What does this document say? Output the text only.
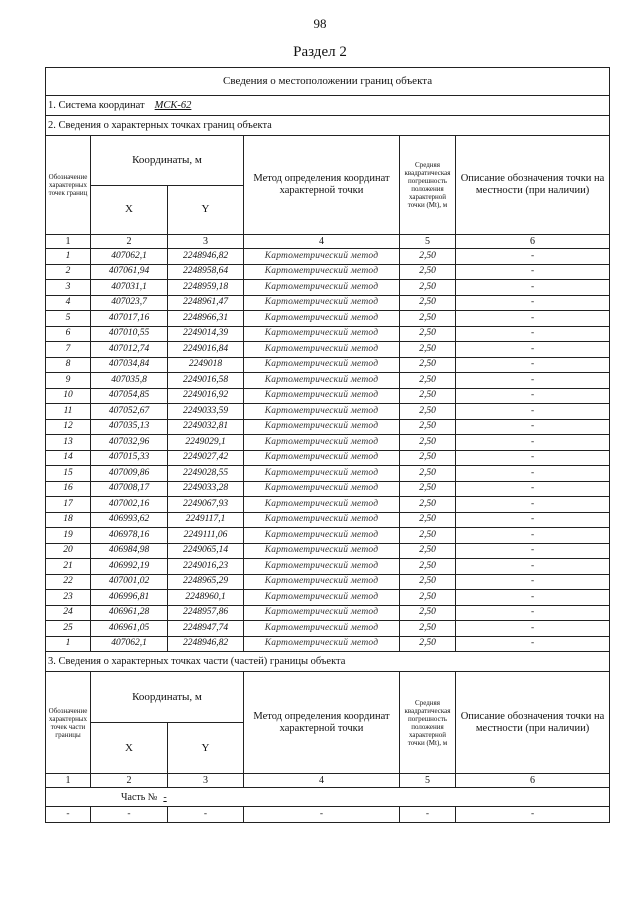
98
Раздел 2
Сведения о местоположении границ объекта					
1. Система координат МСК-62					
2. Сведения о характерных точках границ объекта					
Обозначение характерных точек границ	Координаты, м		Метод определения координат характерной точки	Средняя квадратическая погрешность положения характерной точки (Mt), м	Описание обозначения точки на местности (при наличии)
	X	Y			
1	2	3	4	5	6
1	407062,1	2248946,82	Картометрический метод	2,50	-
2	407061,94	2248958,64	Картометрический метод	2,50	-
3	407031,1	2248959,18	Картометрический метод	2,50	-
4	407023,7	2248961,47	Картометрический метод	2,50	-
5	407017,16	2248966,31	Картометрический метод	2,50	-
6	407010,55	2249014,39	Картометрический метод	2,50	-
7	407012,74	2249016,84	Картометрический метод	2,50	-
8	407034,84	2249018	Картометрический метод	2,50	-
9	407035,8	2249016,58	Картометрический метод	2,50	-
10	407054,85	2249016,92	Картометрический метод	2,50	-
11	407052,67	2249033,59	Картометрический метод	2,50	-
12	407035,13	2249032,81	Картометрический метод	2,50	-
13	407032,96	2249029,1	Картометрический метод	2,50	-
14	407015,33	2249027,42	Картометрический метод	2,50	-
15	407009,86	2249028,55	Картометрический метод	2,50	-
16	407008,17	2249033,28	Картометрический метод	2,50	-
17	407002,16	2249067,93	Картометрический метод	2,50	-
18	406993,62	2249117,1	Картометрический метод	2,50	-
19	406978,16	2249111,06	Картометрический метод	2,50	-
20	406984,98	2249065,14	Картометрический метод	2,50	-
21	406992,19	2249016,23	Картометрический метод	2,50	-
22	407001,02	2248965,29	Картометрический метод	2,50	-
23	406996,81	2248960,1	Картометрический метод	2,50	-
24	406961,28	2248957,86	Картометрический метод	2,50	-
25	406961,05	2248947,74	Картометрический метод	2,50	-
1	407062,1	2248946,82	Картометрический метод	2,50	-
3. Сведения о характерных точках части (частей) границы объекта					
Обозначение характерных точек части границы	Координаты, м		Метод определения координат характерной точки	Средняя квадратическая погрешность положения характерной точки (Mt), м	Описание обозначения точки на местности (при наличии)
	X	Y			
1	2	3	4	5	6
Часть № -					
-	-	-	-	-	-
